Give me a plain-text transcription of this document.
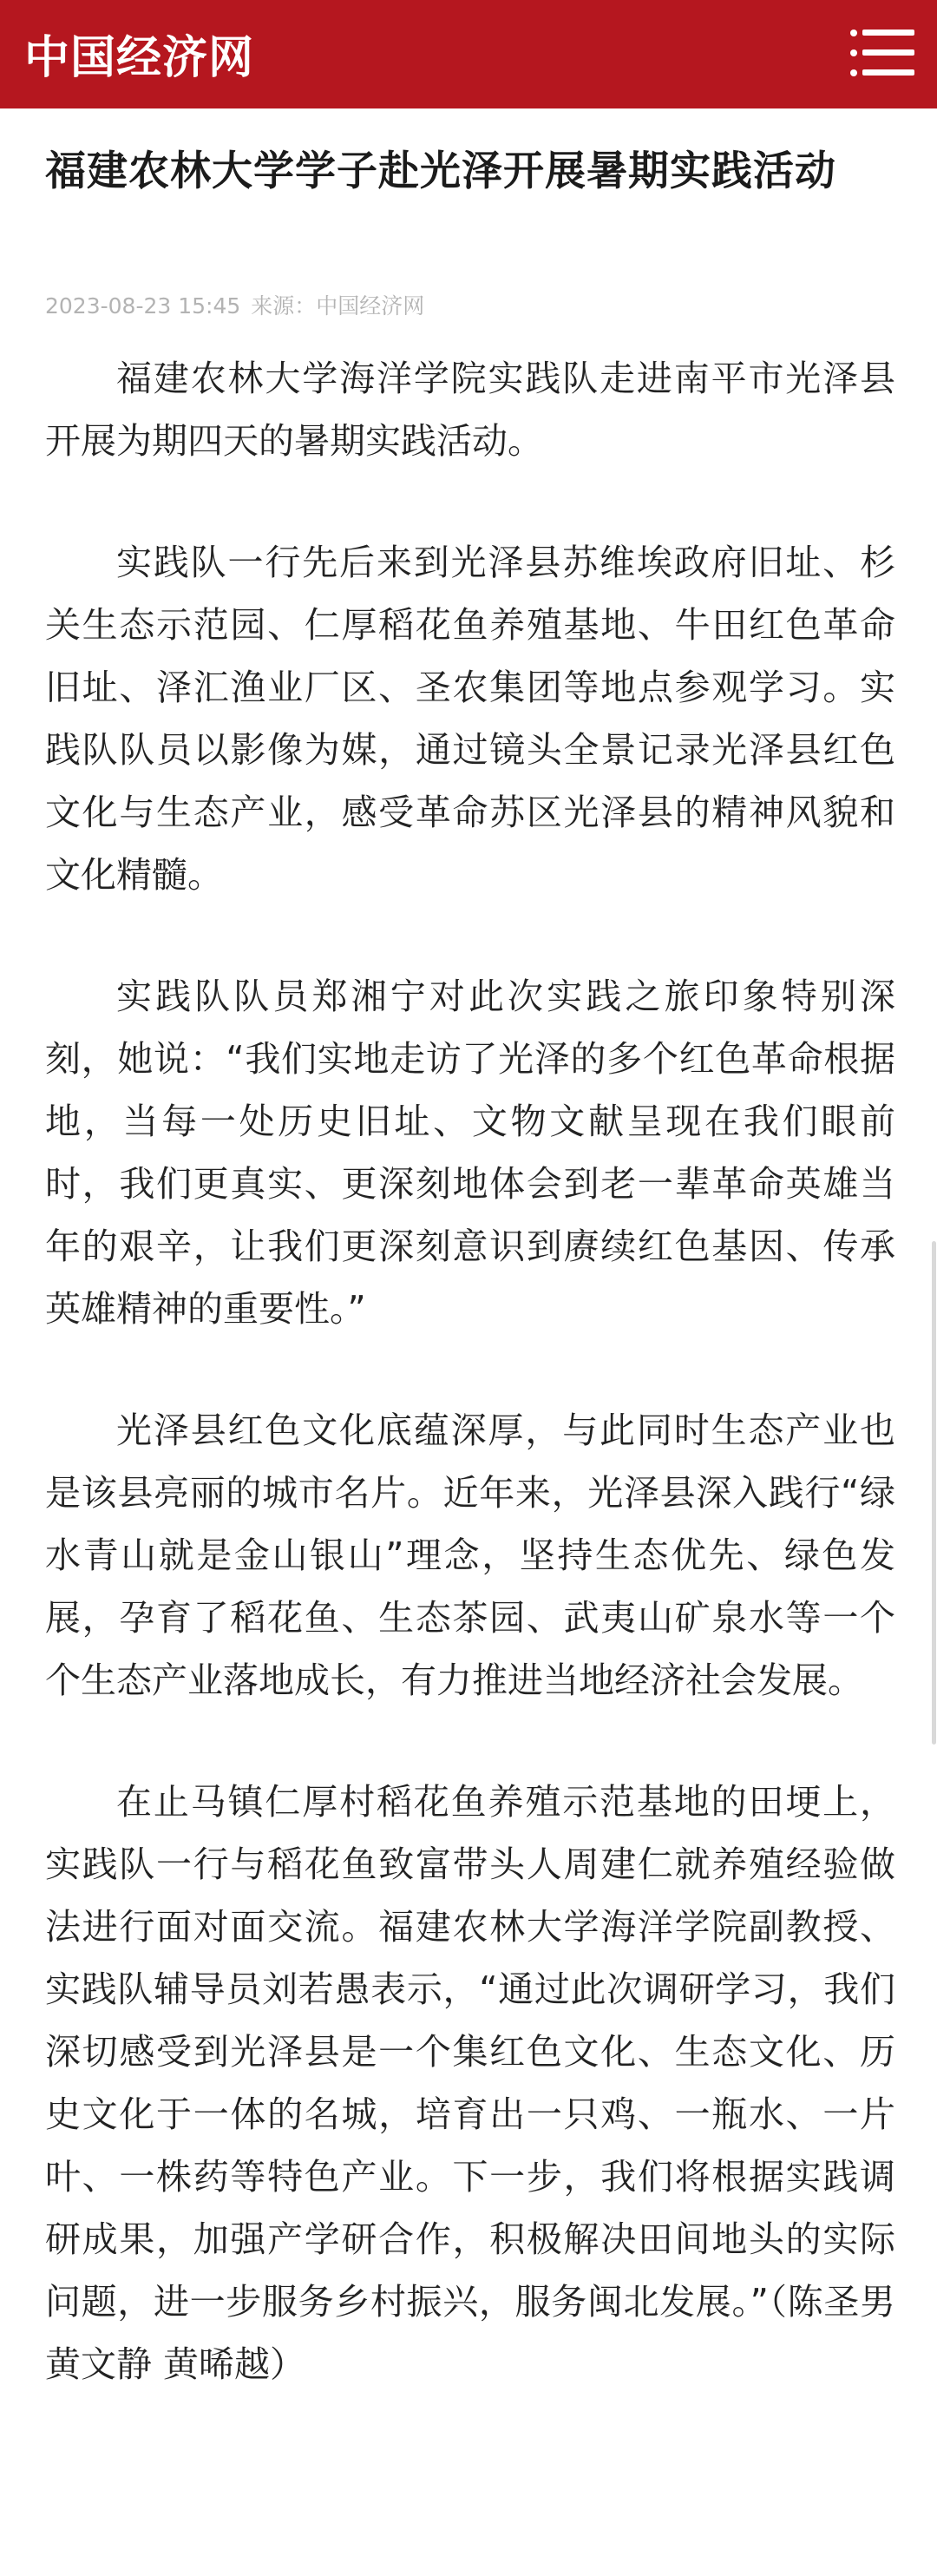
中国经济网
福建农林大学学子赴光泽开展暑期实践活动
2023-08-23 15:45 来源：中国经济网

福建农林大学海洋学院实践队走进南平市光泽县开展为期四天的暑期实践活动。

实践队一行先后来到光泽县苏维埃政府旧址、杉关生态示范园、仁厚稻花鱼养殖基地、牛田红色革命旧址、泽汇渔业厂区、圣农集团等地点参观学习。实践队队员以影像为媒，通过镜头全景记录光泽县红色文化与生态产业，感受革命苏区光泽县的精神风貌和文化精髓。

实践队队员郑湘宁对此次实践之旅印象特别深刻，她说：“我们实地走访了光泽的多个红色革命根据地，当每一处历史旧址、文物文献呈现在我们眼前时，我们更真实、更深刻地体会到老一辈革命英雄当年的艰辛，让我们更深刻意识到赓续红色基因、传承英雄精神的重要性。”

光泽县红色文化底蕴深厚，与此同时生态产业也是该县亮丽的城市名片。近年来，光泽县深入践行“绿水青山就是金山银山”理念，坚持生态优先、绿色发展，孕育了稻花鱼、生态茶园、武夷山矿泉水等一个个生态产业落地成长，有力推进当地经济社会发展。

在止马镇仁厚村稻花鱼养殖示范基地的田埂上，实践队一行与稻花鱼致富带头人周建仁就养殖经验做法进行面对面交流。福建农林大学海洋学院副教授、实践队辅导员刘若愚表示，“通过此次调研学习，我们深切感受到光泽县是一个集红色文化、生态文化、历史文化于一体的名城，培育出一只鸡、一瓶水、一片叶、一株药等特色产业。下一步，我们将根据实践调研成果，加强产学研合作，积极解决田间地头的实际问题，进一步服务乡村振兴，服务闽北发展。”（陈圣男 黄文静 黄晞越）
